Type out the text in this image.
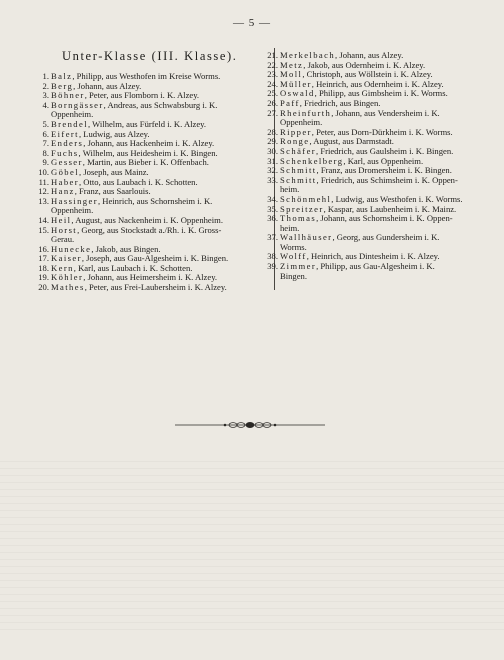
— 5 —
Unter-Klasse (III. Klasse).
1. Balz, Philipp, aus Westhofen im Kreise Worms.
2. Berg, Johann, aus Alzey.
3. Böhner, Peter, aus Flomborn i. K. Alzey.
4. Borngässer, Andreas, aus Schwabsburg i. K.
Oppenheim.
5. Brendel, Wilhelm, aus Fürfeld i. K. Alzey.
6. Eifert, Ludwig, aus Alzey.
7. Enders, Johann, aus Hackenheim i. K. Alzey.
8. Fuchs, Wilhelm, aus Heidesheim i. K. Bingen.
9. Gesser, Martin, aus Bieber i. K. Offenbach.
10. Göbel, Joseph, aus Mainz.
11. Haber, Otto, aus Laubach i. K. Schotten.
12. Hanz, Franz, aus Saarlouis.
13. Hassinger, Heinrich, aus Schornsheim i. K.
Oppenheim.
14. Heil, August, aus Nackenheim i. K. Oppenheim.
15. Horst, Georg, aus Stockstadt a./Rh. i. K. Gross-
Gerau.
16. Hunecke, Jakob, aus Bingen.
17. Kaiser, Joseph, aus Gau-Algesheim i. K. Bingen.
18. Kern, Karl, aus Laubach i. K. Schotten.
19. Köhler, Johann, aus Heimersheim i. K. Alzey.
20. Mathes, Peter, aus Frei-Laubersheim i. K. Alzey.
21. Merkelbach, Johann, aus Alzey.
22. Metz, Jakob, aus Odernheim i. K. Alzey.
23. Moll, Christoph, aus Wöllstein i. K. Alzey.
24. Müller, Heinrich, aus Odernheim i. K. Alzey.
25. Oswald, Philipp, aus Gimbsheim i. K. Worms.
26. Paff, Friedrich, aus Bingen.
27. Rheinfurth, Johann, aus Vendersheim i. K.
Oppenheim.
28. Ripper, Peter, aus Dorn-Dürkheim i. K. Worms.
29. Ronge, August, aus Darmstadt.
30. Schäfer, Friedrich, aus Gaulsheim i. K. Bingen.
31. Schenkelberg, Karl, aus Oppenheim.
32. Schmitt, Franz, aus Dromersheim i. K. Bingen.
33. Schmitt, Friedrich, aus Schimsheim i. K. Oppen-
heim.
34. Schönmehl, Ludwig, aus Westhofen i. K. Worms.
35. Spreitzer, Kaspar, aus Laubenheim i. K. Mainz.
36. Thomas, Johann, aus Schornsheim i. K. Oppen-
heim.
37. Wallhäuser, Georg, aus Gundersheim i. K.
Worms.
38. Wolff, Heinrich, aus Dintesheim i. K. Alzey.
39. Zimmer, Philipp, aus Gau-Algesheim i. K.
Bingen.
